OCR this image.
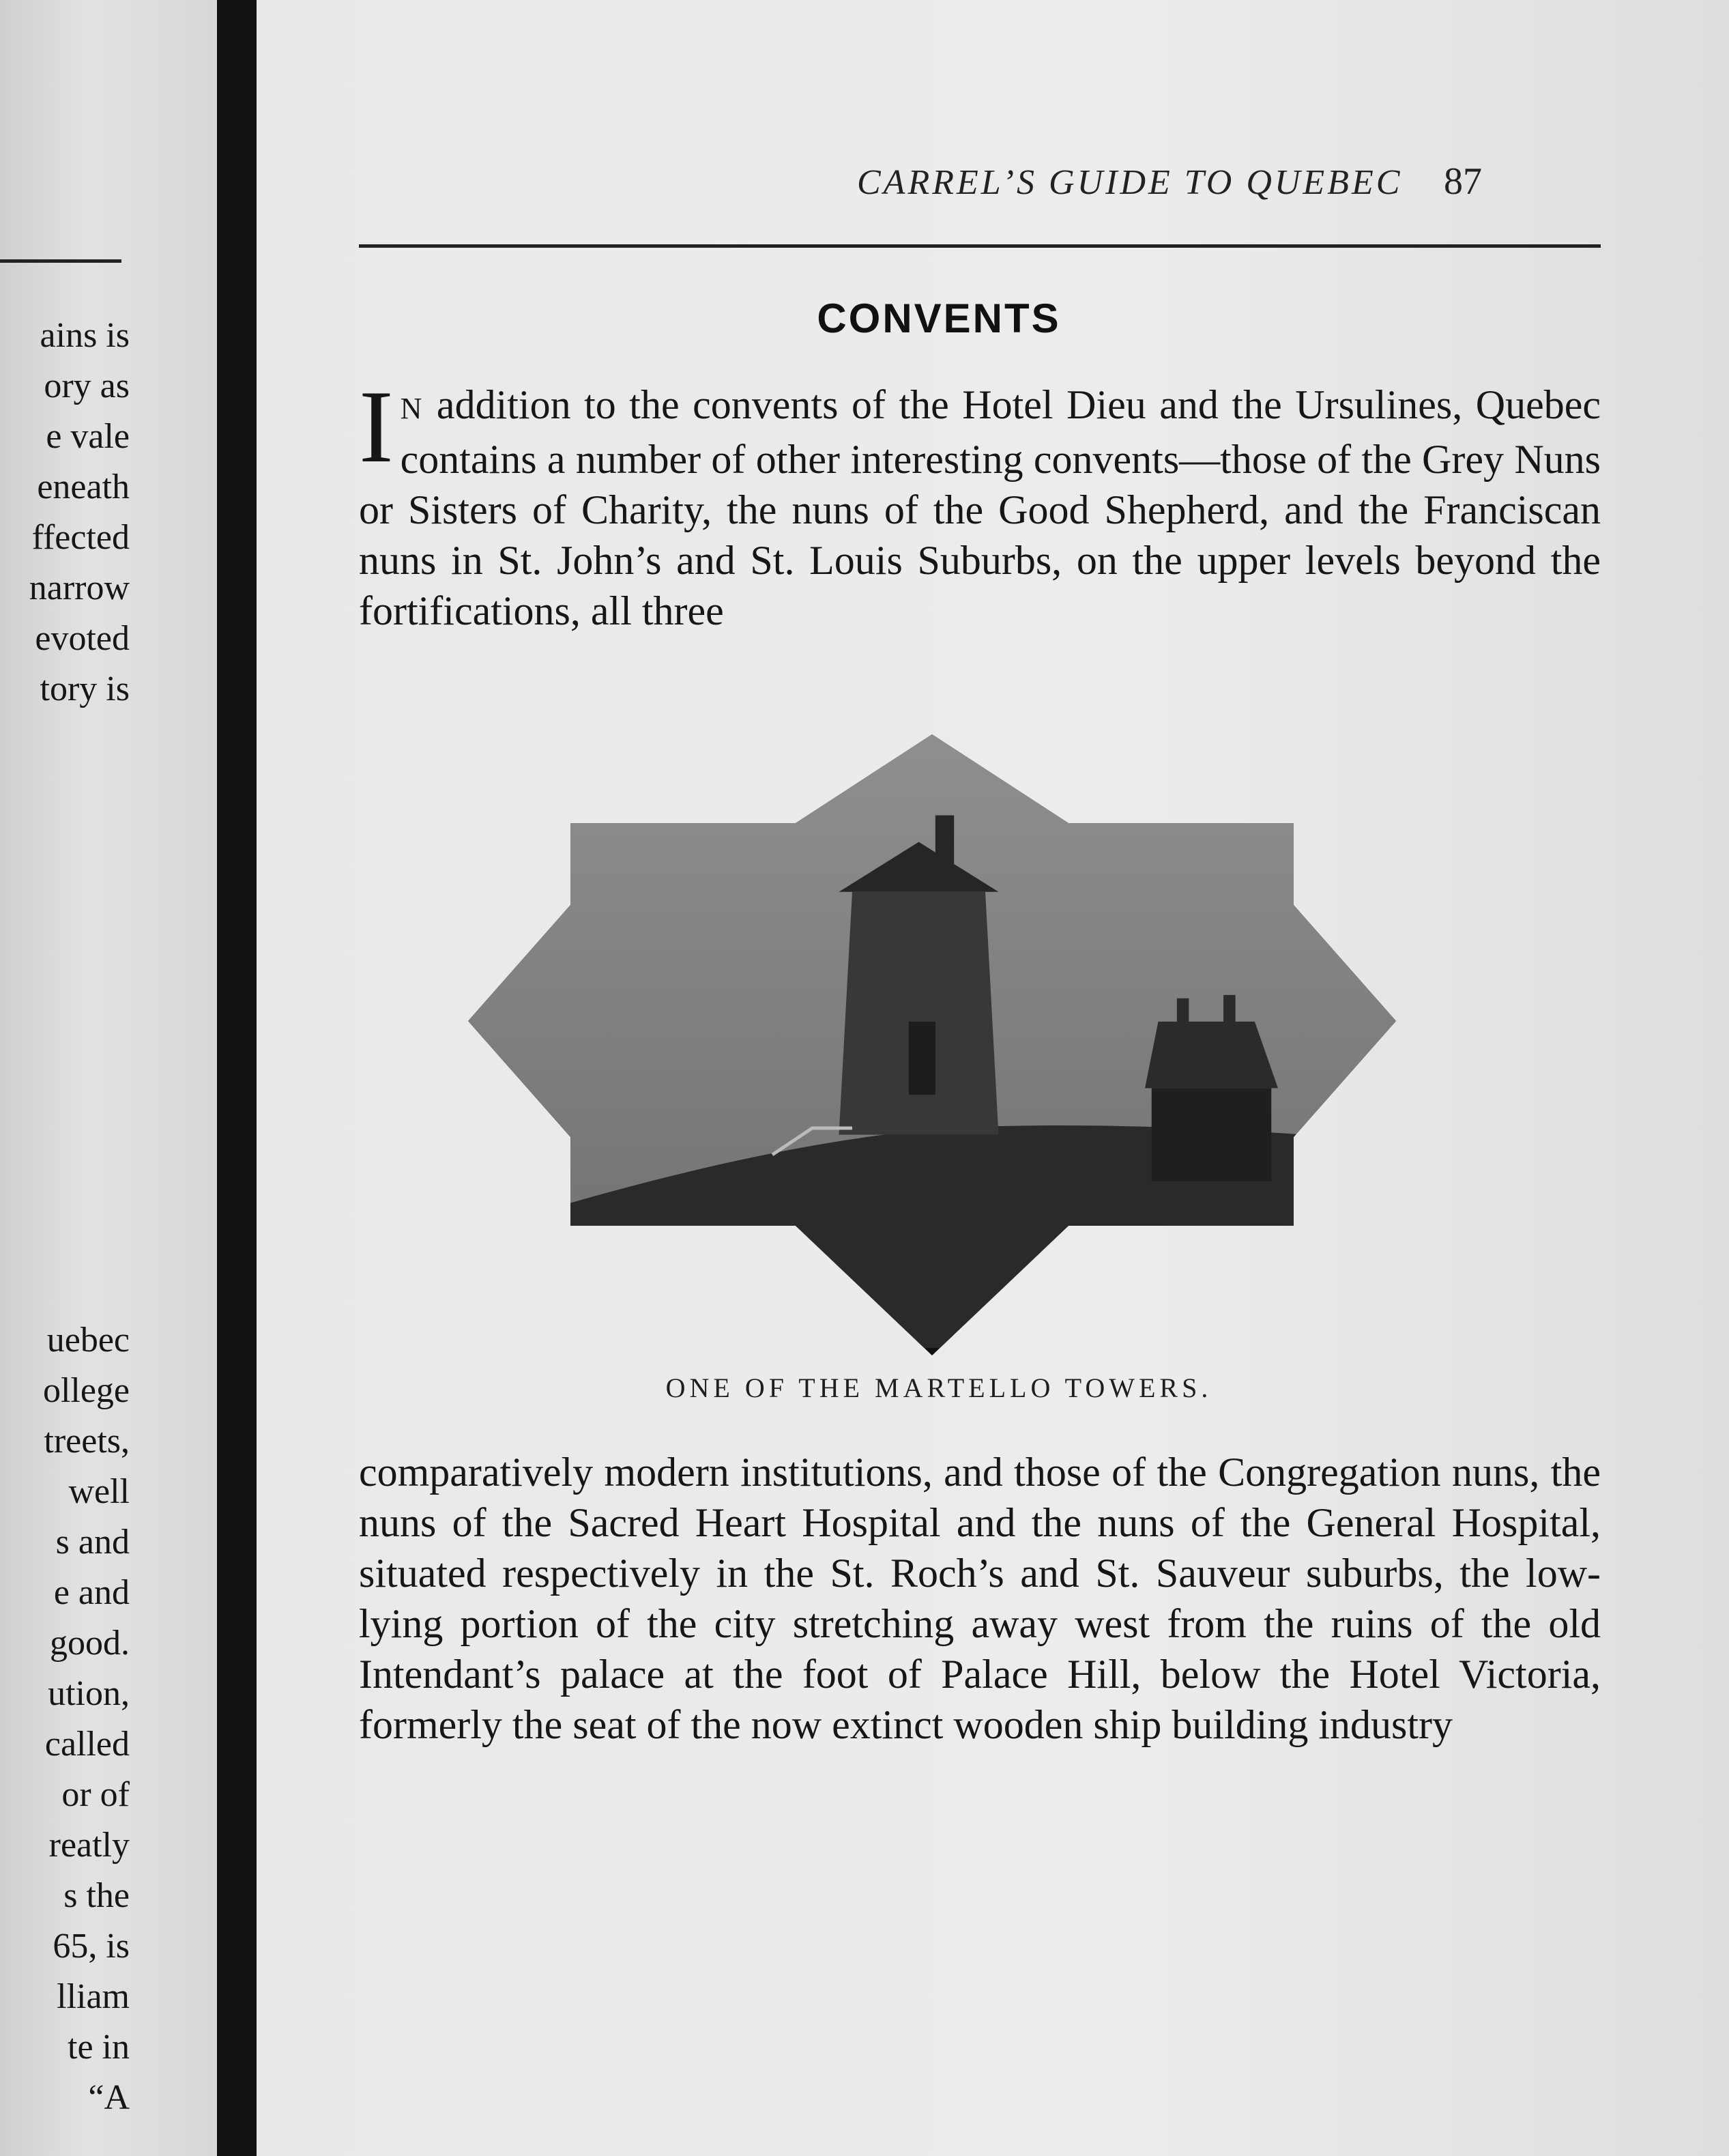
ains is
ory as
e vale
eneath
ffected
narrow
evoted
tory is
uebec
ollege
treets,
well
s and
e and
good.
ution,
called
or of
reatly
s the
65, is
lliam
te in
“A
CARREL’S GUIDE TO QUEBEC 87
CONVENTS
I N addition to the convents of the Hotel Dieu and the Ursulines, Quebec contains a number of other interesting convents—those of the Grey Nuns or Sisters of Charity, the nuns of the Good Shepherd, and the Franciscan nuns in St. John’s and St. Louis Suburbs, on the upper levels beyond the fortifications, all three
ONE OF THE MARTELLO TOWERS.
comparatively modern institutions, and those of the Congregation nuns, the nuns of the Sacred Heart Hospital and the nuns of the General Hospital, situated respectively in the St. Roch’s and St. Sauveur suburbs, the low-lying portion of the city stretching away west from the ruins of the old Intendant’s palace at the foot of Palace Hill, below the Hotel Victoria, formerly the seat of the now extinct wooden ship building industry
